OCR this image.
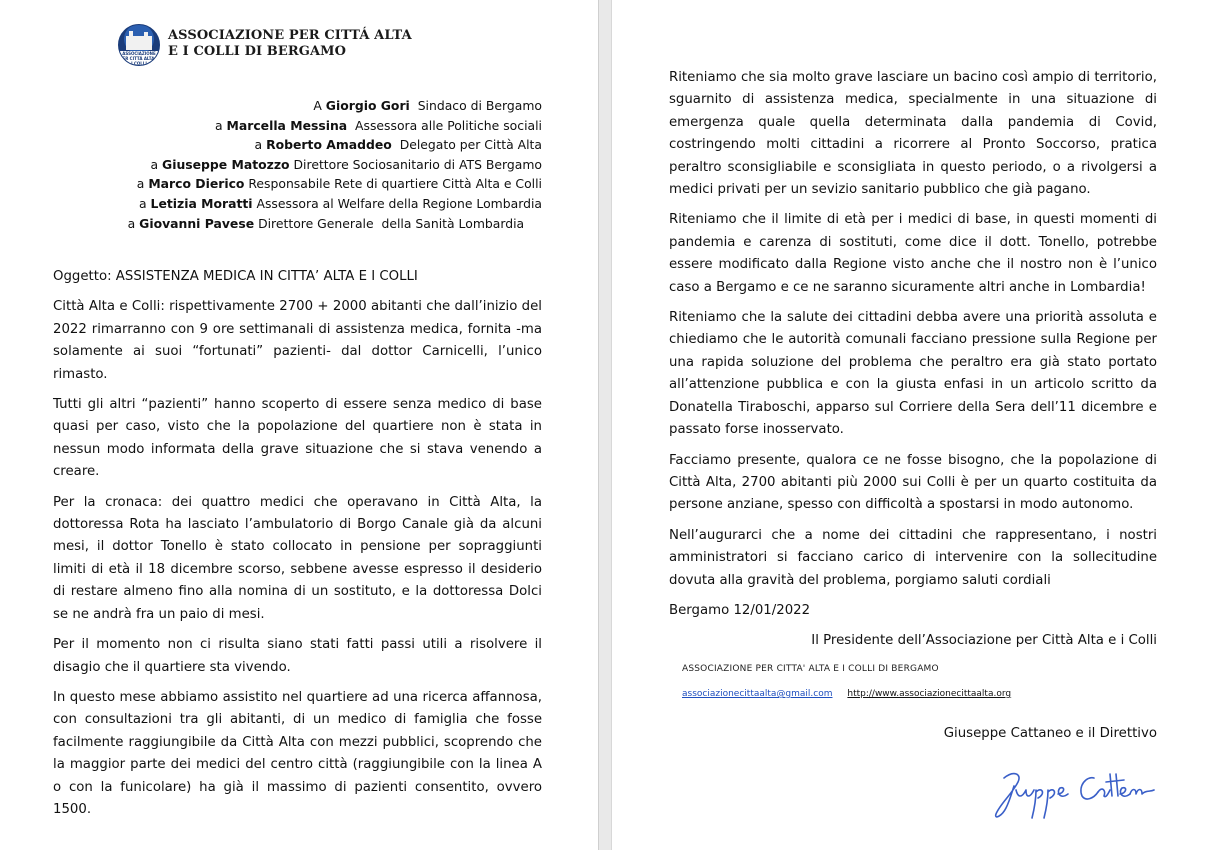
ASSOCIAZIONE PER CITTÁ ALTA E I COLLI
ASSOCIAZIONE PER CITTÁ ALTA
E I COLLI DI BERGAMO
A Giorgio Gori  Sindaco di Bergamo
a Marcella Messina  Assessora alle Politiche sociali
a Roberto Amaddeo  Delegato per Città Alta
a Giuseppe Matozzo Direttore Sociosanitario di ATS Bergamo
a Marco Dierico Responsabile Rete di quartiere Città Alta e Colli
a Letizia Moratti Assessora al Welfare della Regione Lombardia
a Giovanni Pavese Direttore Generale  della Sanità Lombardia
Oggetto: ASSISTENZA MEDICA IN CITTA’ ALTA E I COLLI

Città Alta e Colli: rispettivamente 2700 + 2000 abitanti che dall’inizio del 2022 rimarranno con 9 ore settimanali di assistenza medica, fornita -ma solamente ai suoi “fortunati” pazienti- dal dottor Carnicelli, l’unico rimasto.

Tutti gli altri “pazienti” hanno scoperto di essere senza medico di base quasi per caso, visto che la popolazione del quartiere non è stata in nessun modo informata della grave situazione che si stava venendo a creare.

Per la cronaca: dei quattro medici che operavano in Città Alta, la dottoressa Rota ha lasciato l’ambulatorio di Borgo Canale già da alcuni mesi, il dottor Tonello è stato collocato in pensione per sopraggiunti limiti di età il 18 dicembre scorso, sebbene avesse espresso il desiderio di restare almeno fino alla nomina di un sostituto, e la dottoressa Dolci se ne andrà fra un paio di mesi.

Per il momento non ci risulta siano stati fatti passi utili a risolvere il disagio che il quartiere sta vivendo.

In questo mese abbiamo assistito nel quartiere ad una ricerca affannosa, con consultazioni tra gli abitanti, di un medico di famiglia che fosse facilmente raggiungibile da Città Alta con mezzi pubblici, scoprendo che la maggior parte dei medici del centro città (raggiungibile con la linea A o con la funicolare) ha già il massimo di pazienti consentito, ovvero 1500.

Riteniamo che sia molto grave lasciare un bacino così ampio di territorio, sguarnito di assistenza medica, specialmente in una situazione di emergenza quale quella determinata dalla pandemia di Covid, costringendo molti cittadini a ricorrere al Pronto Soccorso, pratica peraltro sconsigliabile e sconsigliata in questo periodo, o a rivolgersi a medici privati per un sevizio sanitario pubblico che già pagano.

Riteniamo che il limite di età per i medici di base, in questi momenti di pandemia e carenza di sostituti, come dice il dott. Tonello, potrebbe essere modificato dalla Regione visto anche che il nostro non è l’unico caso a Bergamo e ce ne saranno sicuramente altri anche in Lombardia!

Riteniamo che la salute dei cittadini debba avere una priorità assoluta e chiediamo che le autorità comunali facciano pressione sulla Regione per una rapida soluzione del problema che peraltro era già stato portato all’attenzione pubblica e con la giusta enfasi in un articolo scritto da Donatella Tiraboschi, apparso sul Corriere della Sera dell’11 dicembre e passato forse inosservato.

Facciamo presente, qualora ce ne fosse bisogno, che la popolazione di Città Alta, 2700 abitanti più 2000 sui Colli è per un quarto costituita da persone anziane, spesso con difficoltà a spostarsi in modo autonomo.

Nell’augurarci che a nome dei cittadini che rappresentano, i nostri amministratori si facciano carico di intervenire con la sollecitudine dovuta alla gravità del problema, porgiamo saluti cordiali

Bergamo 12/01/2022
Il Presidente dell’Associazione per Città Alta e i Colli
ASSOCIAZIONE PER CITTA' ALTA E I COLLI DI BERGAMO
associazionecittaalta@gmail.com http://www.associazionecittaalta.org
Giuseppe Cattaneo e il Direttivo
